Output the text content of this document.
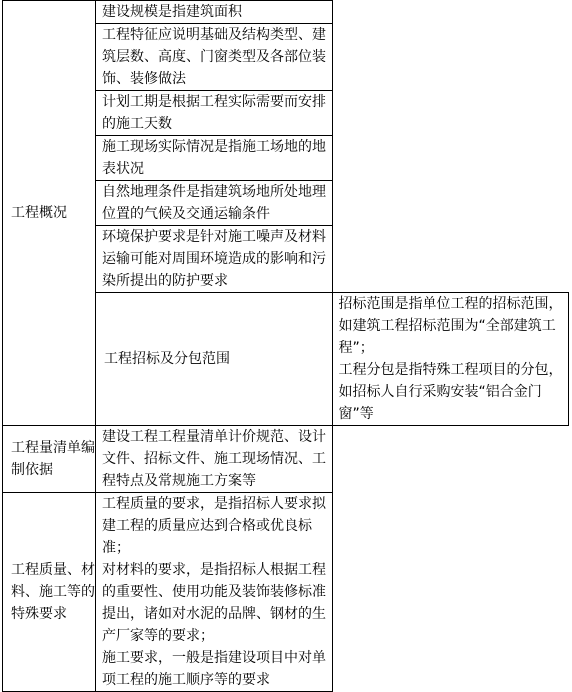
工程概况	建设规模是指建筑面积	
	工程特征应说明基础及结构类型、建筑层数、高度、门窗类型及各部位装饰、装修做法	
	计划工期是根据工程实际需要而安排的施工天数	
	施工现场实际情况是指施工场地的地表状况	
	自然地理条件是指建筑场地所处地理位置的气候及交通运输条件	
	环境保护要求是针对施工噪声及材料运输可能对周围环境造成的影响和污染所提出的防护要求	

	工程招标及分包范围	招标范围是指单位工程的招标范围，如建筑工程招标范围为“全部建筑工程”；
工程分包是指特殊工程项目的分包，如招标人自行采购安装“铝合金门窗”等

工程量清单编制依据	建设工程工程量清单计价规范、设计文件、招标文件、施工现场情况、工程特点及常规施工方案等	

工程质量、材料、施工等的特殊要求	工程质量的要求，是指招标人要求拟建工程的质量应达到合格或优良标准；
对材料的要求，是指招标人根据工程的重要性、使用功能及装饰装修标准提出，诸如对水泥的品牌、钢材的生产厂家等的要求；
施工要求，一般是指建设项目中对单项工程的施工顺序等的要求	
